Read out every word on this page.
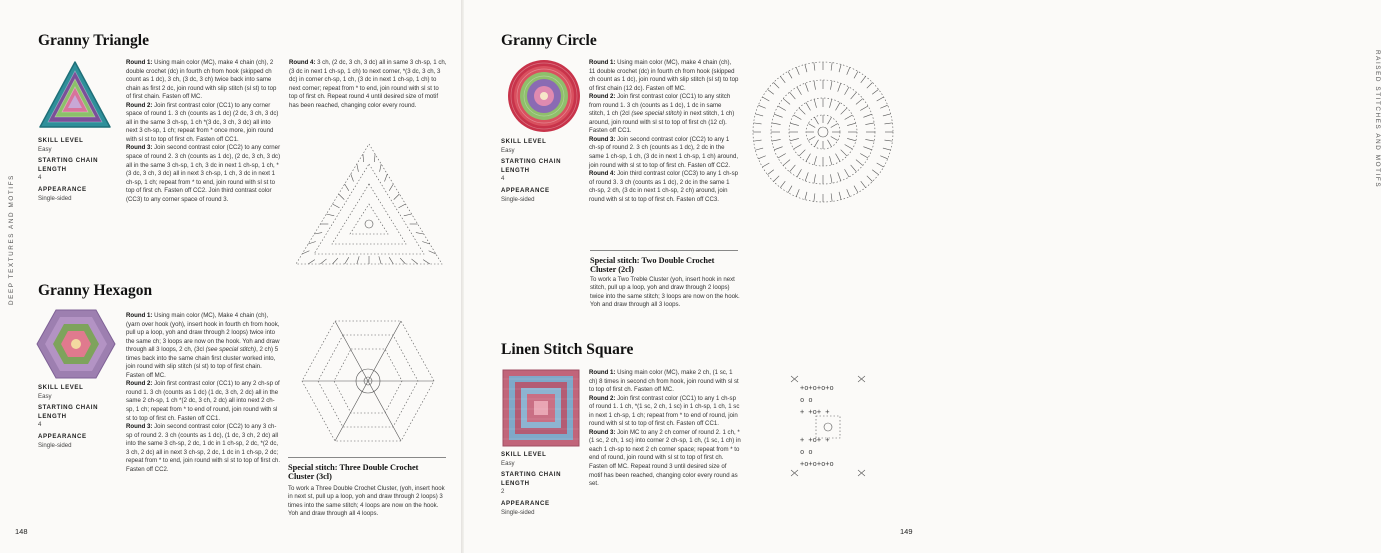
DEEP TEXTURES AND MOTIFS
Granny Triangle
SKILL LEVEL
Easy
STARTING CHAIN LENGTH
4
APPEARANCE
Single-sided

Round 1: Using main color (MC), make 4 chain (ch), 2 double crochet (dc) in fourth ch from hook (skipped ch count as 1 dc), 3 ch, (3 dc, 3 ch) twice back into same chain as first 2 dc, join round with slip stitch (sl st) to top of first chain. Fasten off MC.

Round 2: Join first contrast color (CC1) to any corner space of round 1. 3 ch (counts as 1 dc) (2 dc, 3 ch, 3 dc) all in the same 3 ch-sp, 1 ch *(3 dc, 3 ch, 3 dc) all into next 3 ch-sp, 1 ch; repeat from * once more, join round with sl st to top of first ch. Fasten off CC1.

Round 3: Join second contrast color (CC2) to any corner space of round 2. 3 ch (counts as 1 dc), (2 dc, 3 ch, 3 dc) all in the same 3 ch-sp, 1 ch, 3 dc in next 1 ch-sp, 1 ch, *(3 dc, 3 ch, 3 dc) all in next 3 ch-sp, 1 ch, 3 dc in next 1 ch-sp, 1 ch; repeat from * to end, join round with sl st to top of first ch. Fasten off CC2. Join third contrast color (CC3) to any corner space of round 3.

Round 4: 3 ch, (2 dc, 3 ch, 3 dc) all in same 3 ch-sp, 1 ch, (3 dc in next 1 ch-sp, 1 ch) to next corner, *(3 dc, 3 ch, 3 dc) in corner ch-sp, 1 ch, (3 dc in next 1 ch-sp, 1 ch) to next corner; repeat from * to end, join round with sl st to top of first ch. Repeat round 4 until desired size of motif has been reached, changing color every round.

Granny Hexagon
SKILL LEVEL
Easy
STARTING CHAIN LENGTH
4
APPEARANCE
Single-sided

Round 1: Using main color (MC), Make 4 chain (ch), (yarn over hook (yoh), insert hook in fourth ch from hook, pull up a loop, yoh and draw through 2 loops) twice into the same ch; 3 loops are now on the hook. Yoh and draw through all 3 loops, 2 ch, (3cl (see special stitch), 2 ch) 5 times back into the same chain first cluster worked into, join round with slip stitch (sl st) to top of first chain. Fasten off MC.

Round 2: Join first contrast color (CC1) to any 2 ch-sp of round 1. 3 ch (counts as 1 dc) (1 dc, 3 ch, 2 dc) all in the same 2 ch-sp, 1 ch *(2 dc, 3 ch, 2 dc) all into next 2 ch-sp, 1 ch; repeat from * to end of round, join round with sl st to top of first ch. Fasten off CC1.

Round 3: Join second contrast color (CC2) to any 3 ch-sp of round 2. 3 ch (counts as 1 dc), (1 dc, 3 ch, 2 dc) all into the same 3 ch-sp, 2 dc, 1 dc in 1 ch-sp, 2 dc, *(2 dc, 3 ch, 2 dc) all in next 3 ch-sp, 2 dc, 1 dc in 1 ch-sp, 2 dc; repeat from * to end, join round with sl st to top of first ch. Fasten off CC2.	Special stitch: Three Double Crochet Cluster (3cl)
To work a Three Double Crochet Cluster, (yoh, insert hook in next st, pull up a loop, yoh and draw through 2 loops) 3 times into the same stitch; 4 loops are now on the hook. Yoh and draw through all 4 loops.
148
Granny Circle
SKILL LEVEL
Easy
STARTING CHAIN LENGTH
4
APPEARANCE
Single-sided

Round 1: Using main color (MC), make 4 chain (ch), 11 double crochet (dc) in fourth ch from hook (skipped ch count as 1 dc), join round with slip stitch (sl st) to top of first chain (12 dc). Fasten off MC.

Round 2: Join first contrast color (CC1) to any stitch from round 1. 3 ch (counts as 1 dc), 1 dc in same stitch, 1 ch (2cl (see special stitch) in next stitch, 1 ch) around, join round with sl st to top of first ch (12 cl). Fasten off CC1.

Round 3: Join second contrast color (CC2) to any 1 ch-sp of round 2. 3 ch (counts as 1 dc), 2 dc in the same 1 ch-sp, 1 ch, (3 dc in next 1 ch-sp, 1 ch) around, join round with sl st to top of first ch. Fasten off CC2.

Round 4: Join third contrast color (CC3) to any 1 ch-sp of round 3. 3 ch (counts as 1 dc), 2 dc in the same 1 ch-sp, 2 ch, (3 dc in next 1 ch-sp, 2 ch) around, join round with sl st to top of first ch. Fasten off CC3.

Special stitch: Two Double Crochet Cluster (2cl)
To work a Two Treble Cluster (yoh, insert hook in next stitch, pull up a loop, yoh and draw through 2 loops) twice into the same stitch; 3 loops are now on the hook. Yoh and draw through all 3 loops.
Linen Stitch Square
SKILL LEVEL
Easy
STARTING CHAIN LENGTH
2
APPEARANCE
Single-sided

Round 1: Using main color (MC), make 2 ch, (1 sc, 1 ch) 8 times in second ch from hook, join round with sl st to top of first ch. Fasten off MC.

Round 2: Join first contrast color (CC1) to any 1 ch-sp of round 1. 1 ch, *(1 sc, 2 ch, 1 sc) in 1 ch-sp, 1 ch, 1 sc in next 1 ch-sp, 1 ch; repeat from * to end of round, join round with sl st to top of first ch. Fasten off CC1.

Round 3: Join MC to any 2 ch corner of round 2. 1 ch, *(1 sc, 2 ch, 1 sc) into corner 2 ch-sp, 1 ch, (1 sc, 1 ch) in each 1 ch-sp to next 2 ch corner space; repeat from * to end of round, join round with sl st to top of first ch. Fasten off MC. Repeat round 3 until desired size of motif has been reached, changing color every round as set.

+o+o+o+o
o o
+ +o+ +
+ +o+ +
o o
+o+o+o+o
149
RAISED STITCHES AND MOTIFS
